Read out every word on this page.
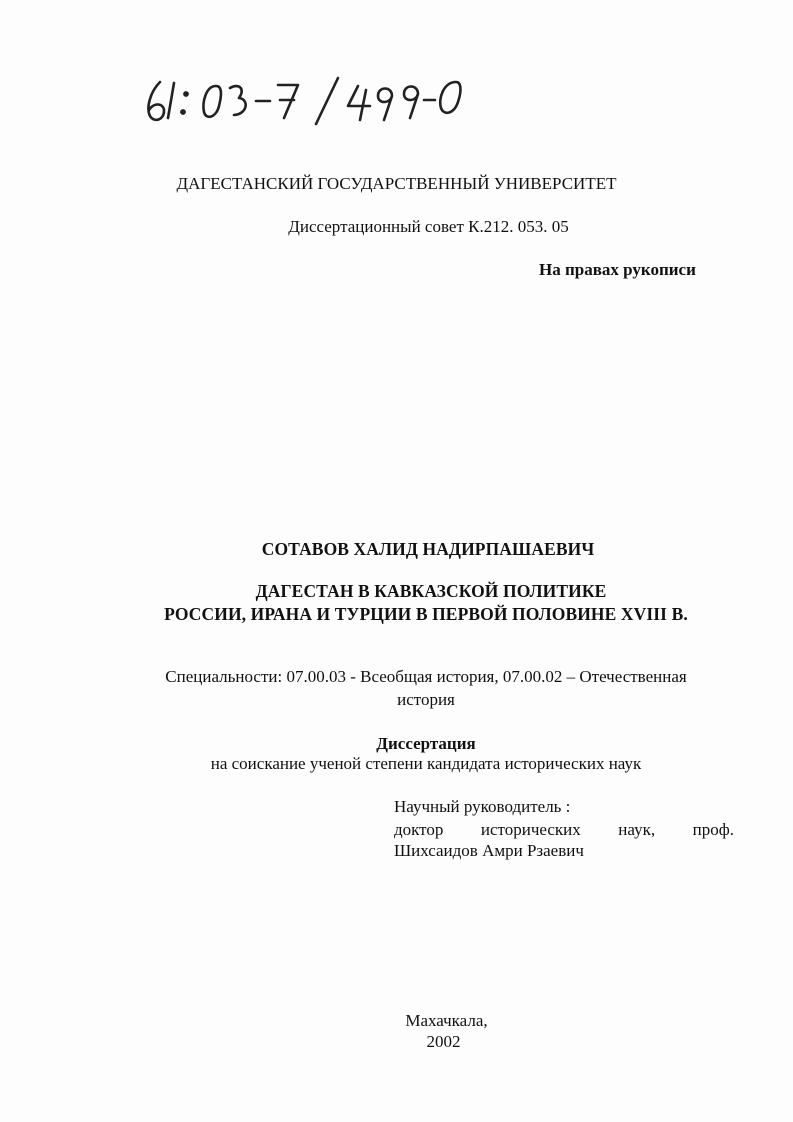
ДАГЕСТАНСКИЙ ГОСУДАРСТВЕННЫЙ УНИВЕРСИТЕТ
Диссертационный совет К.212. 053. 05
На правах рукописи
СОТАВОВ ХАЛИД НАДИРПАШАЕВИЧ
ДАГЕСТАН В КАВКАЗСКОЙ ПОЛИТИКЕ
РОССИИ, ИРАНА И ТУРЦИИ В ПЕРВОЙ ПОЛОВИНЕ XVIII В.
Специальности: 07.00.03 - Всеобщая история, 07.00.02 – Отечественная
история
Диссертация
на соискание ученой степени кандидата исторических наук
Научный руководитель :
доктор исторических наук, проф.
Шихсаидов Амри Рзаевич
Махачкала,
2002
